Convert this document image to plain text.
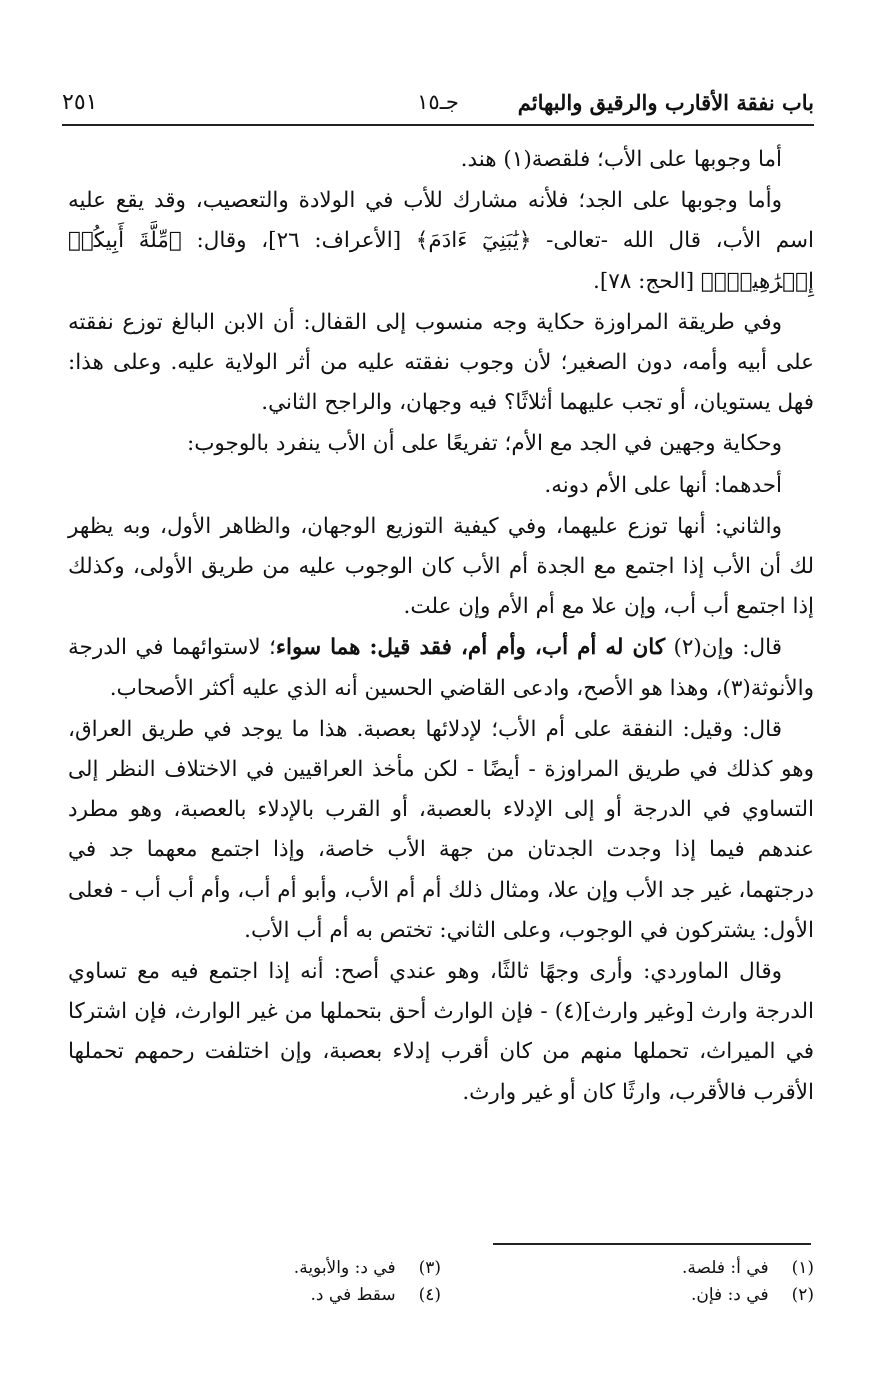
باب نفقة الأقارب والرقيق والبهائم
جـ١٥
٢٥١

أما وجوبها على الأب؛ فلقصة(١) هند.

وأما وجوبها على الجد؛ فلأنه مشارك للأب في الولادة والتعصيب، وقد يقع عليه اسم الأب، قال الله -تعالى- ﴿يَٰبَنِيٓ ءَادَمَ﴾ [الأعراف: ٢٦]، وقال: ﴿مِّلَّةَ أَبِيكُمۡ إِبۡرَٰهِيمَۚ﴾ [الحج: ٧٨].

وفي طريقة المراوزة حكاية وجه منسوب إلى القفال: أن الابن البالغ توزع نفقته على أبيه وأمه، دون الصغير؛ لأن وجوب نفقته عليه من أثر الولاية عليه. وعلى هذا: فهل يستويان، أو تجب عليهما أثلاثًا؟ فيه وجهان، والراجح الثاني.

وحكاية وجهين في الجد مع الأم؛ تفريعًا على أن الأب ينفرد بالوجوب:

أحدهما: أنها على الأم دونه.

والثاني: أنها توزع عليهما، وفي كيفية التوزيع الوجهان، والظاهر الأول، وبه يظهر لك أن الأب إذا اجتمع مع الجدة أم الأب كان الوجوب عليه من طريق الأولى، وكذلك إذا اجتمع أب أب، وإن علا مع أم الأم وإن علت.

قال: وإن(٢) كان له أم أب، وأم أم، فقد قيل: هما سواء؛ لاستوائهما في الدرجة والأنوثة(٣)، وهذا هو الأصح، وادعى القاضي الحسين أنه الذي عليه أكثر الأصحاب.

قال: وقيل: النفقة على أم الأب؛ لإدلائها بعصبة. هذا ما يوجد في طريق العراق، وهو كذلك في طريق المراوزة - أيضًا - لكن مأخذ العراقيين في الاختلاف النظر إلى التساوي في الدرجة أو إلى الإدلاء بالعصبة، أو القرب بالإدلاء بالعصبة، وهو مطرد عندهم فيما إذا وجدت الجدتان من جهة الأب خاصة، وإذا اجتمع معهما جد في درجتهما، غير جد الأب وإن علا، ومثال ذلك أم أم الأب، وأبو أم أب، وأم أب أب - فعلى الأول: يشتركون في الوجوب، وعلى الثاني: تختص به أم أب الأب.

وقال الماوردي: وأرى وجهًا ثالثًا، وهو عندي أصح: أنه إذا اجتمع فيه مع تساوي الدرجة وارث [وغير وارث](٤) - فإن الوارث أحق بتحملها من غير الوارث، فإن اشتركا في الميراث، تحملها منهم من كان أقرب إدلاء بعصبة، وإن اختلفت رحمهم تحملها الأقرب فالأقرب، وارثًا كان أو غير وارث.

(١) في أ: فلصة.
(٢) في د: فإن.
(٣) في د: والأبوية.
(٤) سقط في د.
